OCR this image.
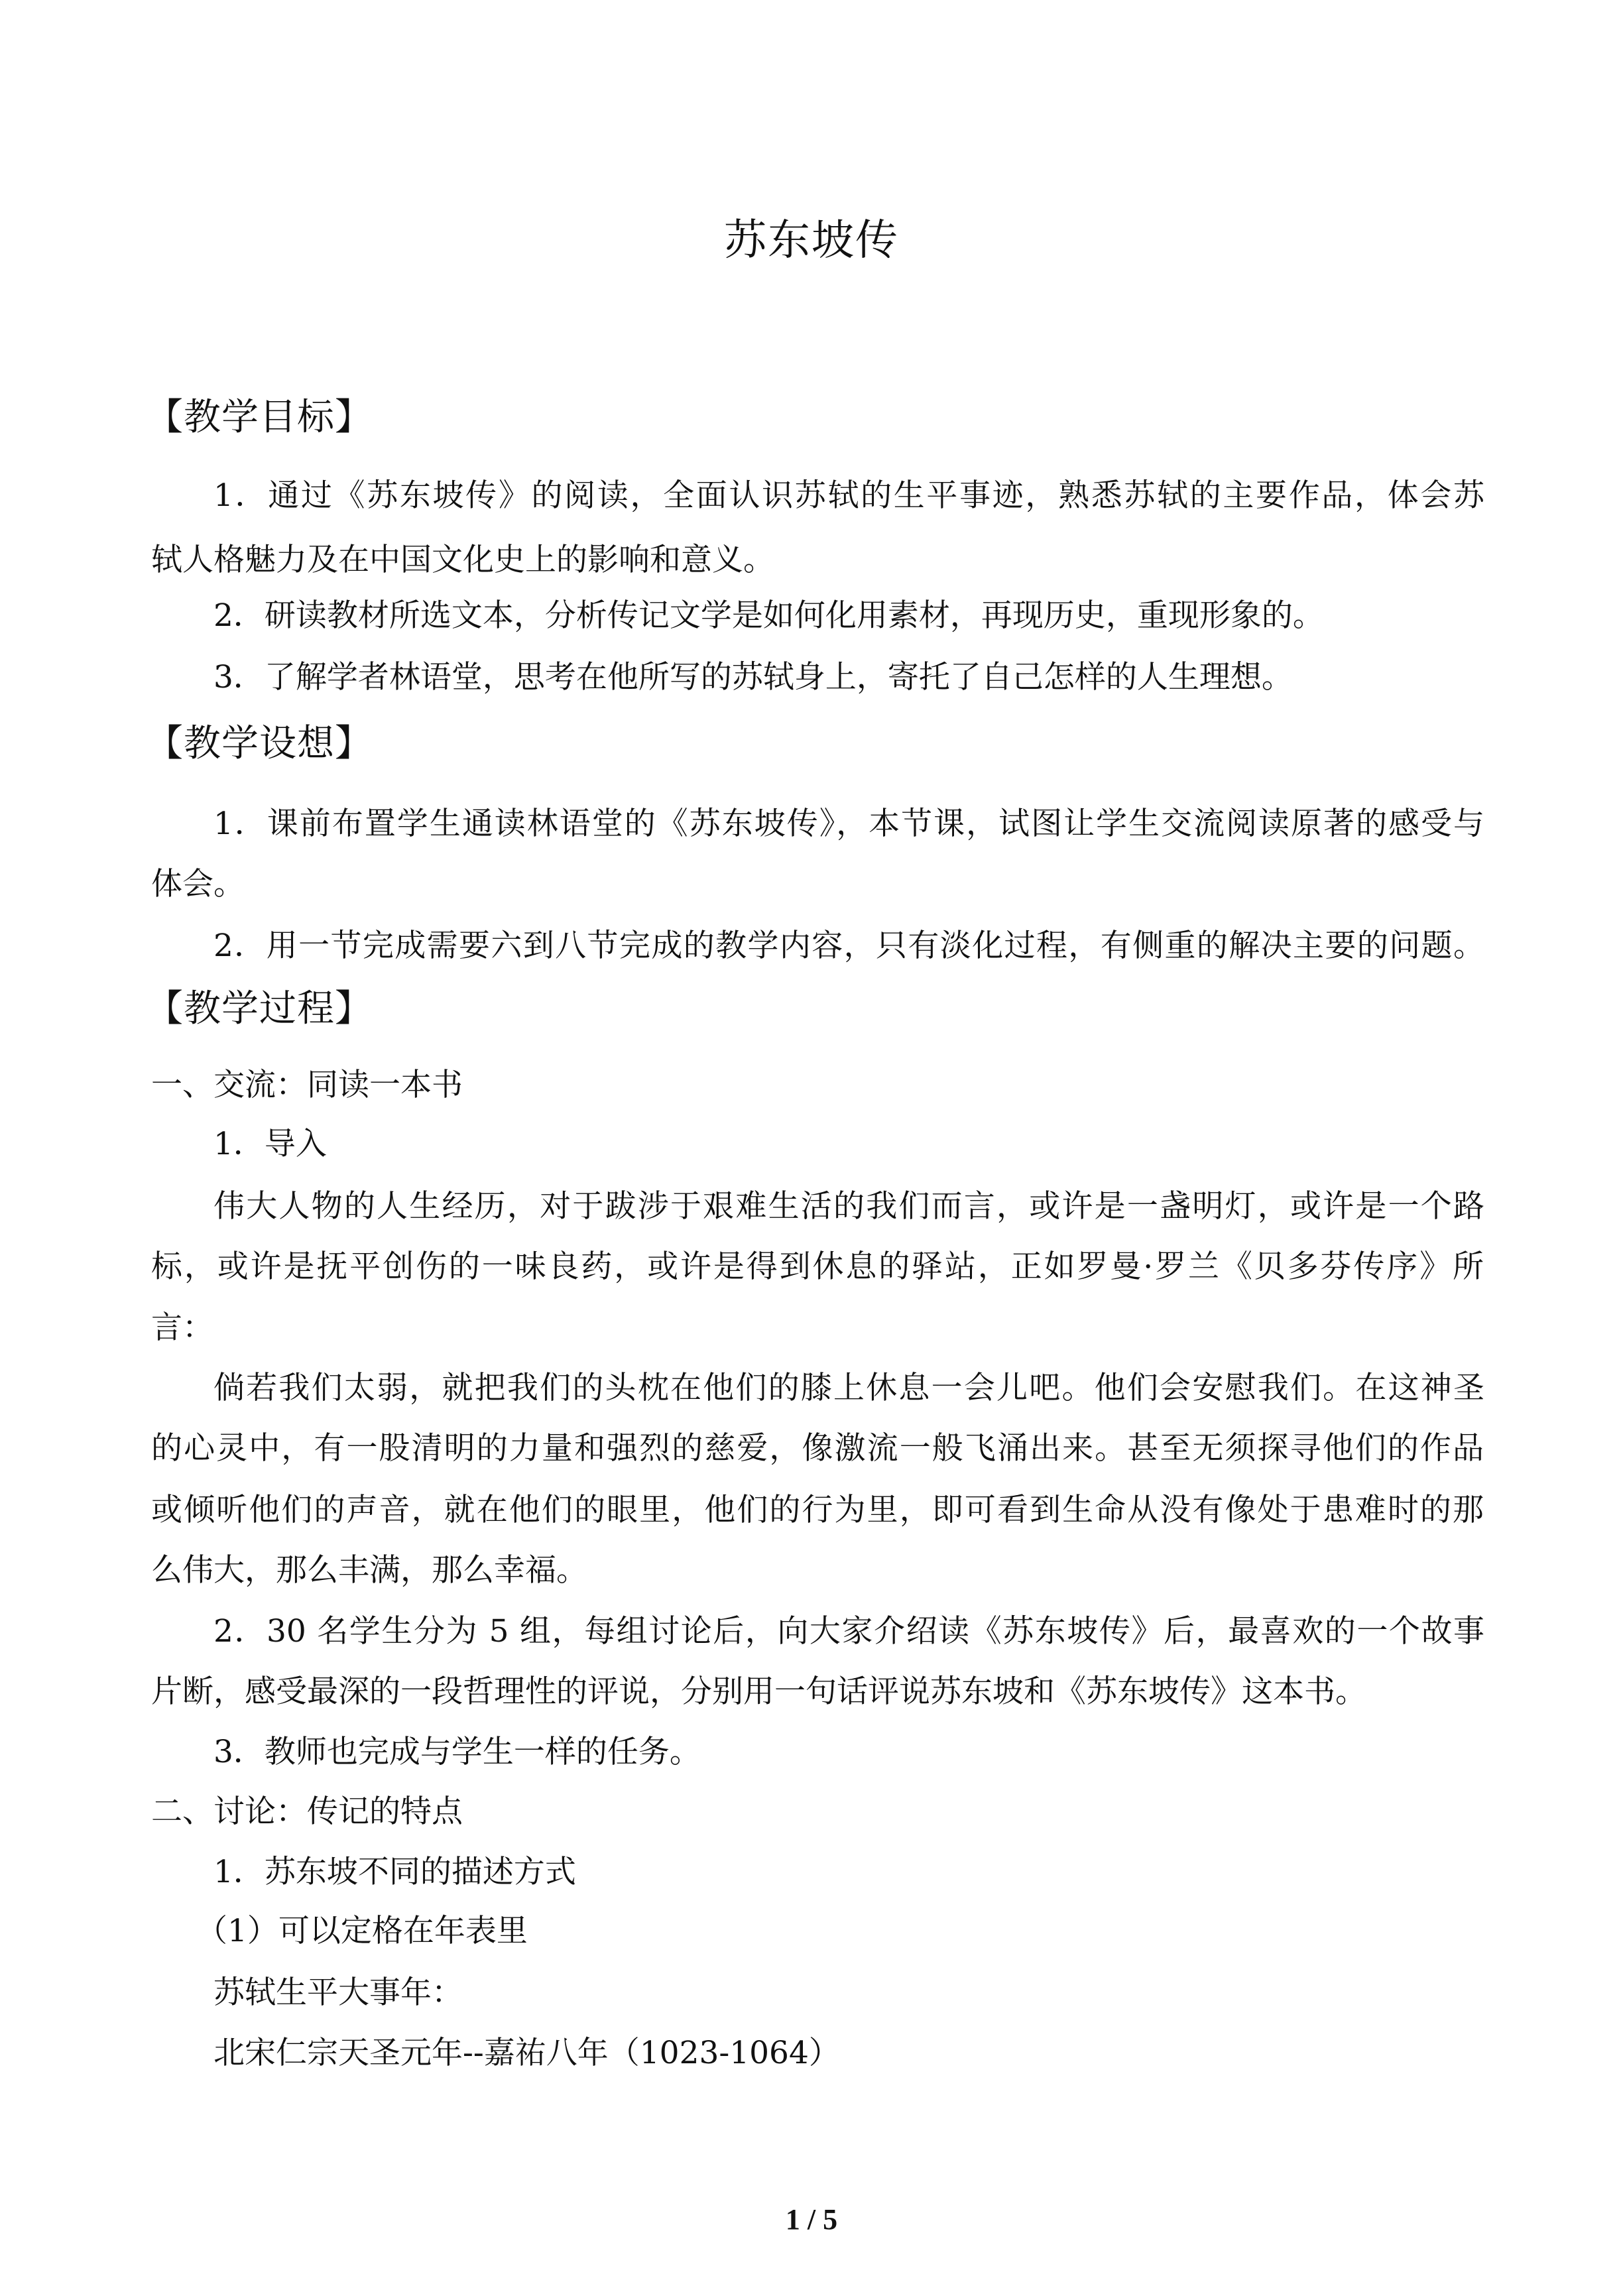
苏东坡传
【教学目标】
1．通过《苏东坡传》的阅读，全面认识苏轼的生平事迹，熟悉苏轼的主要作品，体会苏
轼人格魅力及在中国文化史上的影响和意义。
2．研读教材所选文本，分析传记文学是如何化用素材，再现历史，重现形象的。
3．了解学者林语堂，思考在他所写的苏轼身上，寄托了自己怎样的人生理想。
【教学设想】
1．课前布置学生通读林语堂的《苏东坡传》，本节课，试图让学生交流阅读原著的感受与
体会。
2．用一节完成需要六到八节完成的教学内容，只有淡化过程，有侧重的解决主要的问题。
【教学过程】
一、交流：同读一本书
1．导入
伟大人物的人生经历，对于跋涉于艰难生活的我们而言，或许是一盏明灯，或许是一个路
标，或许是抚平创伤的一味良药，或许是得到休息的驿站，正如罗曼·罗兰《贝多芬传序》所
言：
倘若我们太弱，就把我们的头枕在他们的膝上休息一会儿吧。他们会安慰我们。在这神圣
的心灵中，有一股清明的力量和强烈的慈爱，像激流一般飞涌出来。甚至无须探寻他们的作品
或倾听他们的声音，就在他们的眼里，他们的行为里，即可看到生命从没有像处于患难时的那
么伟大，那么丰满，那么幸福。
2．30 名学生分为 5 组，每组讨论后，向大家介绍读《苏东坡传》后，最喜欢的一个故事
片断，感受最深的一段哲理性的评说，分别用一句话评说苏东坡和《苏东坡传》这本书。
3．教师也完成与学生一样的任务。
二、讨论：传记的特点
1．苏东坡不同的描述方式
（1）可以定格在年表里
苏轼生平大事年：
北宋仁宗天圣元年--嘉祐八年（1023-1064）
1 / 5
